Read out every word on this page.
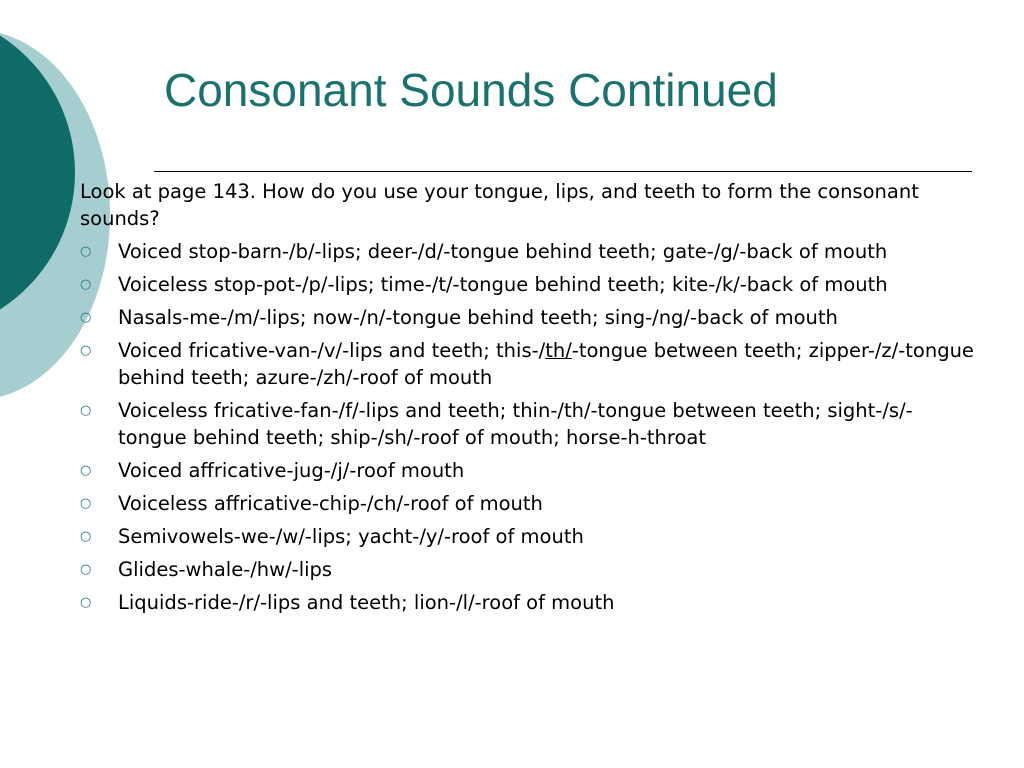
Consonant Sounds Continued

Look at page 143. How do you use your tongue, lips, and teeth to form the consonant sounds?

○ Voiced stop-barn-/b/-lips; deer-/d/-tongue behind teeth; gate-/g/-back of mouth
○ Voiceless stop-pot-/p/-lips; time-/t/-tongue behind teeth; kite-/k/-back of mouth
○ Nasals-me-/m/-lips; now-/n/-tongue behind teeth; sing-/ng/-back of mouth
○ Voiced fricative-van-/v/-lips and teeth; this-/th/-tongue between teeth; zipper-/z/-tongue behind teeth; azure-/zh/-roof of mouth
○ Voiceless fricative-fan-/f/-lips and teeth; thin-/th/-tongue between teeth; sight-/s/-tongue behind teeth; ship-/sh/-roof of mouth; horse-h-throat
○ Voiced affricative-jug-/j/-roof mouth
○ Voiceless affricative-chip-/ch/-roof of mouth
○ Semivowels-we-/w/-lips; yacht-/y/-roof of mouth
○ Glides-whale-/hw/-lips
○ Liquids-ride-/r/-lips and teeth; lion-/l/-roof of mouth
